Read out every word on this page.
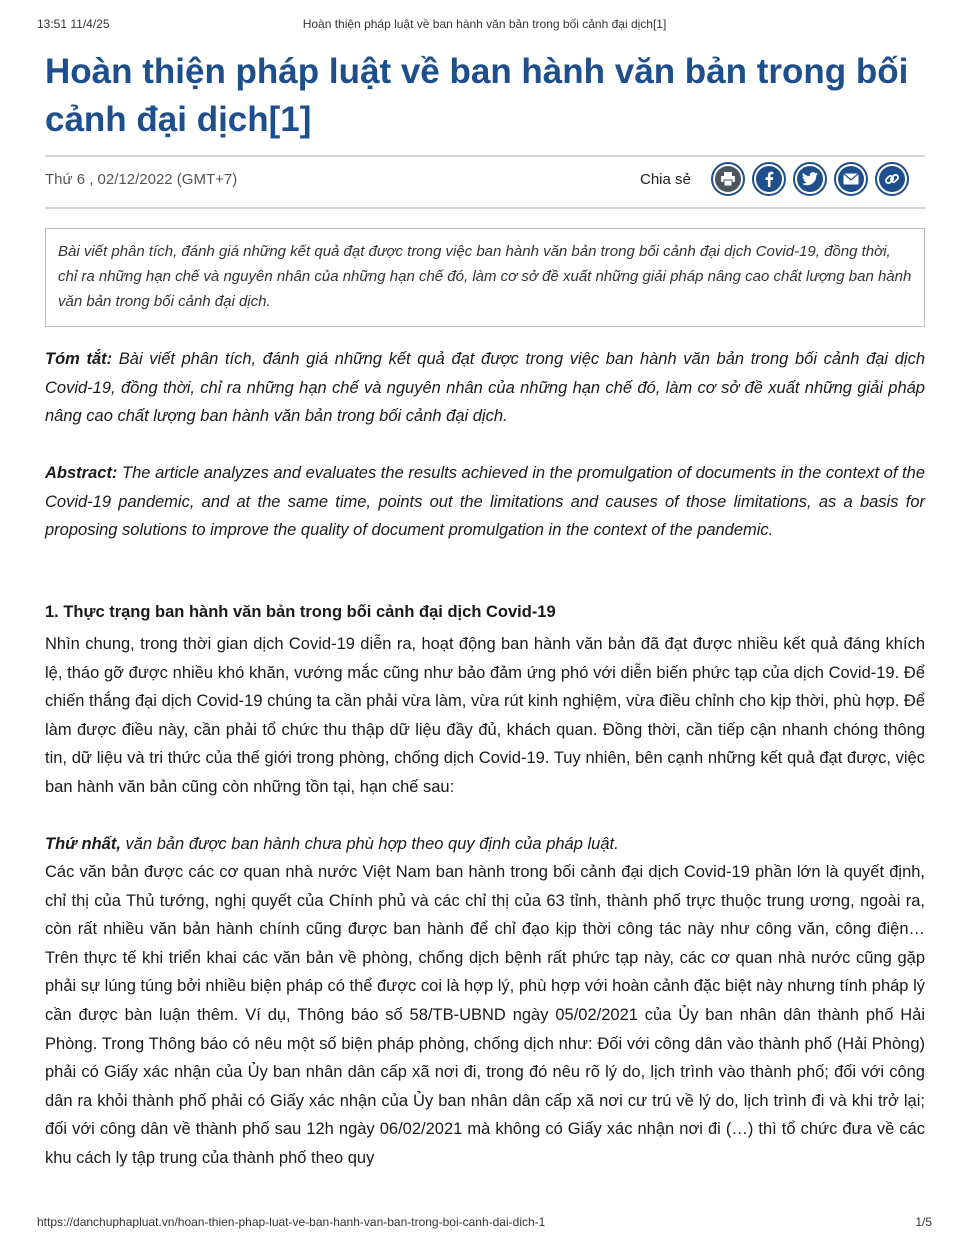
13:51 11/4/25	Hoàn thiện pháp luật về ban hành văn bản trong bối cảnh đại dịch[1]
Hoàn thiện pháp luật về ban hành văn bản trong bối cảnh đại dịch[1]
Thứ 6 , 02/12/2022 (GMT+7)	Chia sẻ
Bài viết phân tích, đánh giá những kết quả đạt được trong việc ban hành văn bản trong bối cảnh đại dịch Covid-19, đồng thời, chỉ ra những hạn chế và nguyên nhân của những hạn chế đó, làm cơ sở đề xuất những giải pháp nâng cao chất lượng ban hành văn bản trong bối cảnh đại dịch.

Tóm tắt: Bài viết phân tích, đánh giá những kết quả đạt được trong việc ban hành văn bản trong bối cảnh đại dịch Covid-19, đồng thời, chỉ ra những hạn chế và nguyên nhân của những hạn chế đó, làm cơ sở đề xuất những giải pháp nâng cao chất lượng ban hành văn bản trong bối cảnh đại dịch.

Abstract: The article analyzes and evaluates the results achieved in the promulgation of documents in the context of the Covid-19 pandemic, and at the same time, points out the limitations and causes of those limitations, as a basis for proposing solutions to improve the quality of document promulgation in the context of the pandemic.

1. Thực trạng ban hành văn bản trong bối cảnh đại dịch Covid-19

Nhìn chung, trong thời gian dịch Covid-19 diễn ra, hoạt động ban hành văn bản đã đạt được nhiều kết quả đáng khích lệ, tháo gỡ được nhiều khó khăn, vướng mắc cũng như bảo đảm ứng phó với diễn biến phức tạp của dịch Covid-19. Để chiến thắng đại dịch Covid-19 chúng ta cần phải vừa làm, vừa rút kinh nghiệm, vừa điều chỉnh cho kịp thời, phù hợp. Để làm được điều này, cần phải tổ chức thu thập dữ liệu đầy đủ, khách quan. Đồng thời, cần tiếp cận nhanh chóng thông tin, dữ liệu và tri thức của thế giới trong phòng, chống dịch Covid-19. Tuy nhiên, bên cạnh những kết quả đạt được, việc ban hành văn bản cũng còn những tồn tại, hạn chế sau:

Thứ nhất, văn bản được ban hành chưa phù hợp theo quy định của pháp luật.

Các văn bản được các cơ quan nhà nước Việt Nam ban hành trong bối cảnh đại dịch Covid-19 phần lớn là quyết định, chỉ thị của Thủ tướng, nghị quyết của Chính phủ và các chỉ thị của 63 tỉnh, thành phố trực thuộc trung ương, ngoài ra, còn rất nhiều văn bản hành chính cũng được ban hành để chỉ đạo kịp thời công tác này như công văn, công điện… Trên thực tế khi triển khai các văn bản về phòng, chống dịch bệnh rất phức tạp này, các cơ quan nhà nước cũng gặp phải sự lúng túng bởi nhiều biện pháp có thể được coi là hợp lý, phù hợp với hoàn cảnh đặc biệt này nhưng tính pháp lý cần được bàn luận thêm. Ví dụ, Thông báo số 58/TB-UBND ngày 05/02/2021 của Ủy ban nhân dân thành phố Hải Phòng. Trong Thông báo có nêu một số biện pháp phòng, chống dịch như: Đối với công dân vào thành phố (Hải Phòng) phải có Giấy xác nhận của Ủy ban nhân dân cấp xã nơi đi, trong đó nêu rõ lý do, lịch trình vào thành phố; đối với công dân ra khỏi thành phố phải có Giấy xác nhận của Ủy ban nhân dân cấp xã nơi cư trú về lý do, lịch trình đi và khi trở lại; đối với công dân về thành phố sau 12h ngày 06/02/2021 mà không có Giấy xác nhận nơi đi (…) thì tổ chức đưa về các khu cách ly tập trung của thành phố theo quy

https://danchuphapluat.vn/hoan-thien-phap-luat-ve-ban-hanh-van-ban-trong-boi-canh-dai-dich-1	1/5
